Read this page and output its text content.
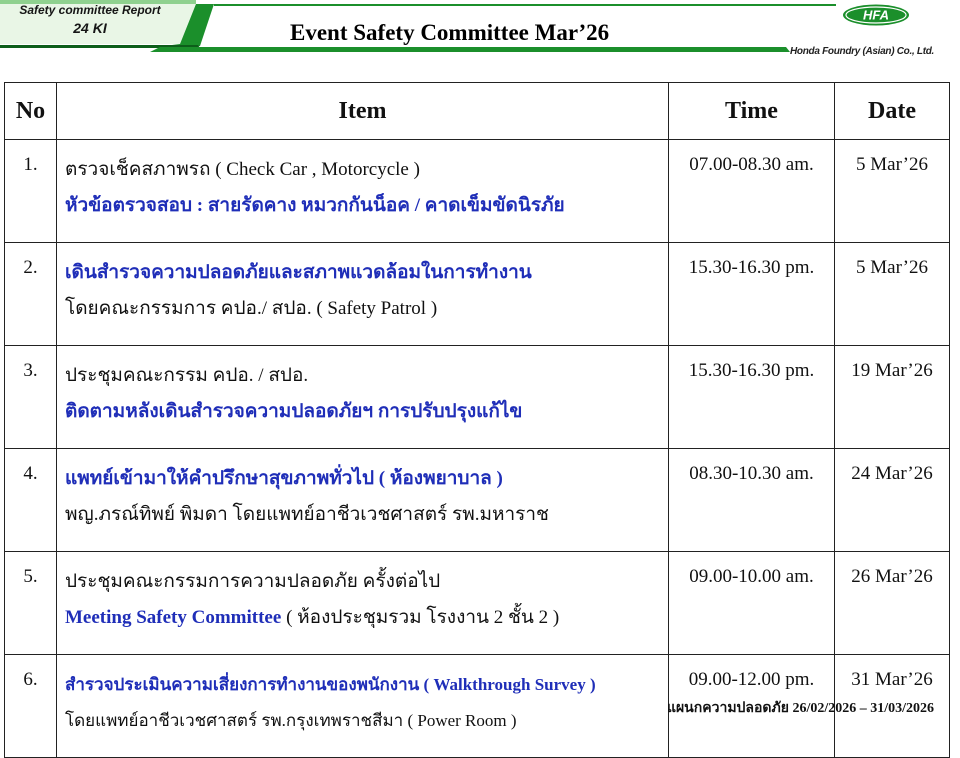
Safety committee Report
24 KI	Event Safety Committee Mar’26
HFA
Honda Foundry (Asian) Co., Ltd.
No	Item	Time	Date
1.	ตรวจเช็คสภาพรถ ( Check Car , Motorcycle )
หัวข้อตรวจสอบ : สายรัดคาง หมวกกันน็อค / คาดเข็มขัดนิรภัย	07.00-08.30 am.	5 Mar’26
2.	เดินสำรวจความปลอดภัยและสภาพแวดล้อมในการทำงาน
โดยคณะกรรมการ คปอ./ สปอ. ( Safety Patrol )	15.30-16.30 pm.	5 Mar’26
3.	ประชุมคณะกรรม คปอ. / สปอ.
ติดตามหลังเดินสำรวจความปลอดภัยฯ การปรับปรุงแก้ไข	15.30-16.30 pm.	19 Mar’26
4.	แพทย์เข้ามาให้คำปรึกษาสุขภาพทั่วไป ( ห้องพยาบาล )
พญ.ภรณ์ทิพย์ พิมดา โดยแพทย์อาชีวเวชศาสตร์ รพ.มหาราช	08.30-10.30 am.	24 Mar’26
5.	ประชุมคณะกรรมการความปลอดภัย ครั้งต่อไป
Meeting Safety Committee ( ห้องประชุมรวม โรงงาน 2 ชั้น 2 )	09.00-10.00 am.	26 Mar’26
6.	สำรวจประเมินความเสี่ยงการทำงานของพนักงาน ( Walkthrough Survey )
โดยแพทย์อาชีวเวชศาสตร์ รพ.กรุงเทพราชสีมา ( Power Room )	09.00-12.00 pm.	31 Mar’26
แผนกความปลอดภัย 26/02/2026 – 31/03/2026
